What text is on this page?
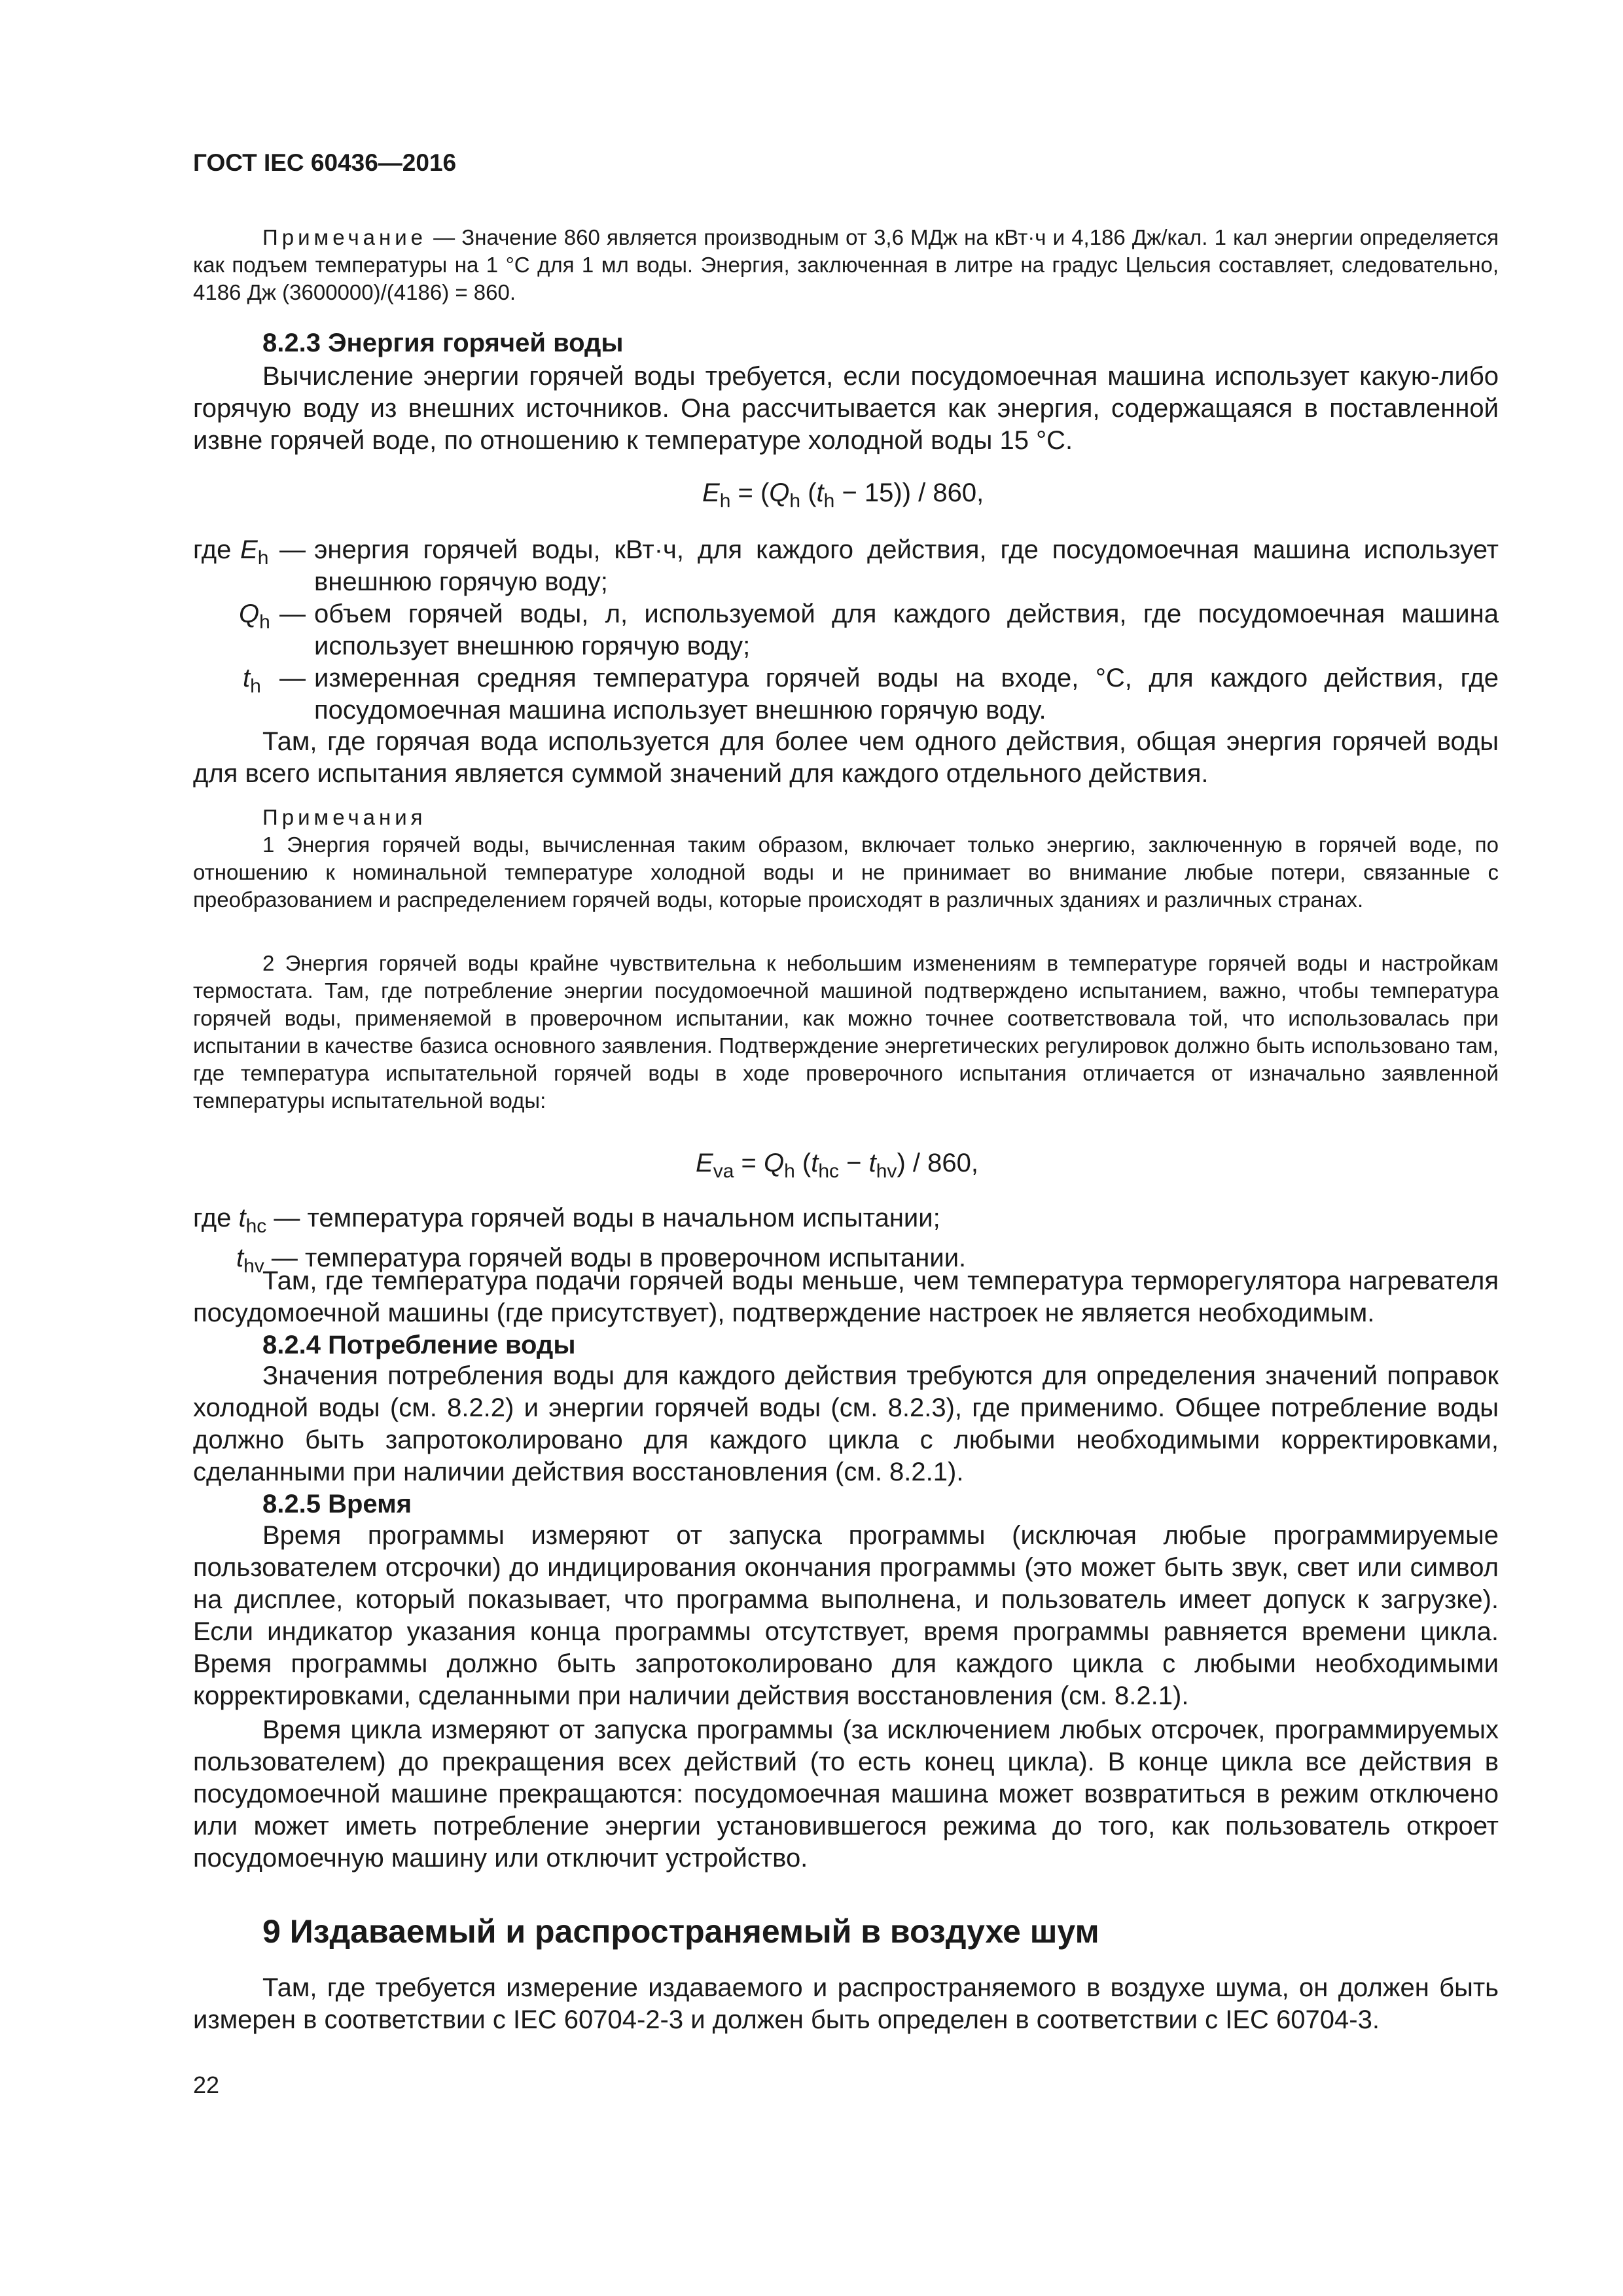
ГОСТ IEC 60436—2016

Примечание — Значение 860 является производным от 3,6 МДж на кВт·ч и 4,186 Дж/кал. 1 кал энергии определяется как подъем температуры на 1 °С для 1 мл воды. Энергия, заключенная в литре на градус Цельсия составляет, следовательно, 4186 Дж (3600000)/(4186) = 860.

8.2.3 Энергия горячей воды

Вычисление энергии горячей воды требуется, если посудомоечная машина использует какую-либо горячую воду из внешних источников. Она рассчитывается как энергия, содержащаяся в поставленной извне горячей воде, по отношению к температуре холодной воды 15 °С.

$E_h = (Q_h$ $(t_h - 15)) / 860$,
где $E_h$ — энергия горячей воды, кВт·ч, для каждого действия, где посудомоечная машина использует внешнюю горячую воду;
$Q_h$ — объем горячей воды, л, используемой для каждого действия, где посудомоечная машина использует внешнюю горячую воду;
$t_h$ — измеренная средняя температура горячей воды на входе, °С, для каждого действия, где посудомоечная машина использует внешнюю горячую воду.

Там, где горячая вода используется для более чем одного действия, общая энергия горячей воды для всего испытания является суммой значений для каждого отдельного действия.

Примечания

1 Энергия горячей воды, вычисленная таким образом, включает только энергию, заключенную в горячей воде, по отношению к номинальной температуре холодной воды и не принимает во внимание любые потери, связанные с преобразованием и распределением горячей воды, которые происходят в различных зданиях и различных странах.

2 Энергия горячей воды крайне чувствительна к небольшим изменениям в температуре горячей воды и настройкам термостата. Там, где потребление энергии посудомоечной машиной подтверждено испытанием, важно, чтобы температура горячей воды, применяемой в проверочном испытании, как можно точнее соответствовала той, что использовалась при испытании в качестве базиса основного заявления. Подтверждение энергетических регулировок должно быть использовано там, где температура испытательной горячей воды в ходе проверочного испытания отличается от изначально заявленной температуры испытательной воды:

$E_{va} = Q_h$ $(t_{hc} - t_{hv}) / 860$,
где $t_{hc}$ — температура горячей воды в начальном испытании;
$t_{hv}$ — температура горячей воды в проверочном испытании.

Там, где температура подачи горячей воды меньше, чем температура терморегулятора нагревателя посудомоечной машины (где присутствует), подтверждение настроек не является необходимым.

8.2.4 Потребление воды

Значения потребления воды для каждого действия требуются для определения значений поправок холодной воды (см. 8.2.2) и энергии горячей воды (см. 8.2.3), где применимо. Общее потребление воды должно быть запротоколировано для каждого цикла с любыми необходимыми корректировками, сделанными при наличии действия восстановления (см. 8.2.1).

8.2.5 Время

Время программы измеряют от запуска программы (исключая любые программируемые пользователем отсрочки) до индицирования окончания программы (это может быть звук, свет или символ на дисплее, который показывает, что программа выполнена, и пользователь имеет допуск к загрузке). Если индикатор указания конца программы отсутствует, время программы равняется времени цикла. Время программы должно быть запротоколировано для каждого цикла с любыми необходимыми корректировками, сделанными при наличии действия восстановления (см. 8.2.1).

Время цикла измеряют от запуска программы (за исключением любых отсрочек, программируемых пользователем) до прекращения всех действий (то есть конец цикла). В конце цикла все действия в посудомоечной машине прекращаются: посудомоечная машина может возвратиться в режим отключено или может иметь потребление энергии установившегося режима до того, как пользователь откроет посудомоечную машину или отключит устройство.

9 Издаваемый и распространяемый в воздухе шум

Там, где требуется измерение издаваемого и распространяемого в воздухе шума, он должен быть измерен в соответствии с IEC 60704-2-3 и должен быть определен в соответствии с IEC 60704-3.

22
